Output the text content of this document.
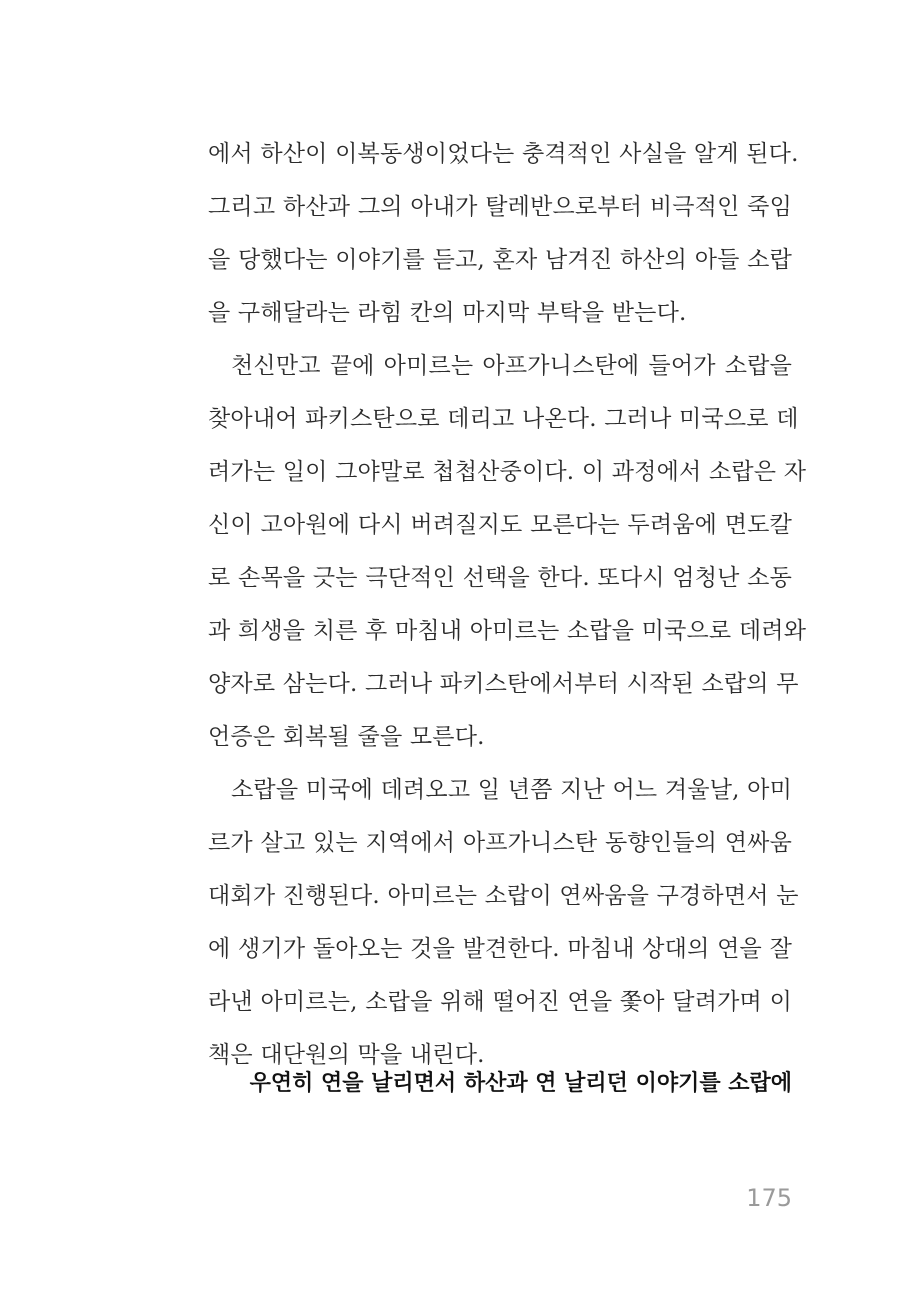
에서 하산이 이복동생이었다는 충격적인 사실을 알게 된다.
그리고 하산과 그의 아내가 탈레반으로부터 비극적인 죽임
을 당했다는 이야기를 듣고, 혼자 남겨진 하산의 아들 소랍
을 구해달라는 라힘 칸의 마지막 부탁을 받는다.
천신만고 끝에 아미르는 아프가니스탄에 들어가 소랍을
찾아내어 파키스탄으로 데리고 나온다. 그러나 미국으로 데
려가는 일이 그야말로 첩첩산중이다. 이 과정에서 소랍은 자
신이 고아원에 다시 버려질지도 모른다는 두려움에 면도칼
로 손목을 긋는 극단적인 선택을 한다. 또다시 엄청난 소동
과 희생을 치른 후 마침내 아미르는 소랍을 미국으로 데려와
양자로 삼는다. 그러나 파키스탄에서부터 시작된 소랍의 무
언증은 회복될 줄을 모른다.
소랍을 미국에 데려오고 일 년쯤 지난 어느 겨울날, 아미
르가 살고 있는 지역에서 아프가니스탄 동향인들의 연싸움
대회가 진행된다. 아미르는 소랍이 연싸움을 구경하면서 눈
에 생기가 돌아오는 것을 발견한다. 마침내 상대의 연을 잘
라낸 아미르는, 소랍을 위해 떨어진 연을 쫓아 달려가며 이
책은 대단원의 막을 내린다.
우연히 연을 날리면서 하산과 연 날리던 이야기를 소랍에
175
